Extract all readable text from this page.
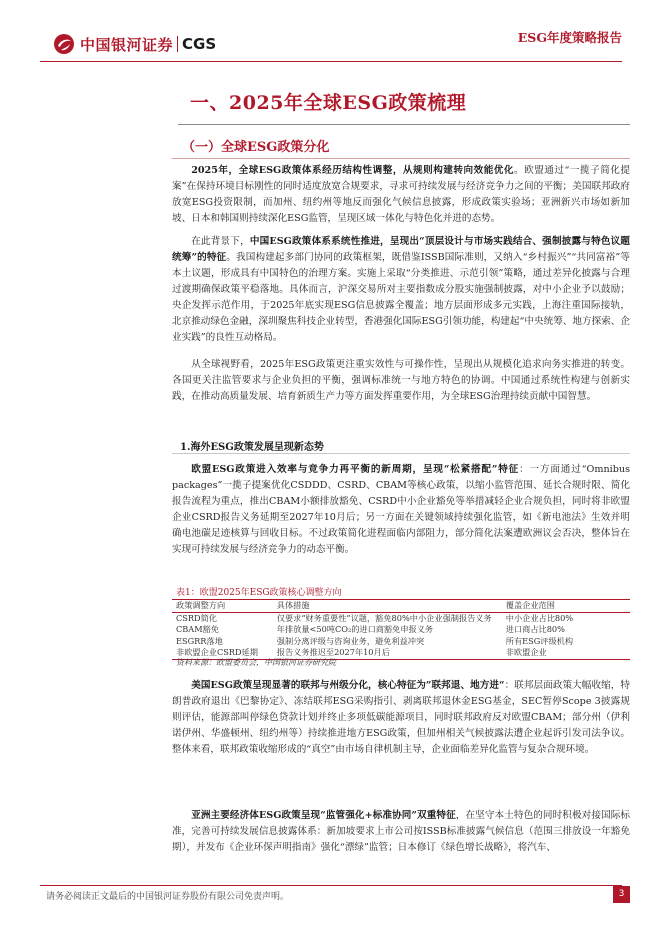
中国银河证券 CGS	ESG年度策略报告
一、2025年全球ESG政策梳理
（一）全球ESG政策分化

2025年，全球ESG政策体系经历结构性调整，从规则构建转向效能优化。欧盟通过“一揽子简化提案”在保持环境目标刚性的同时适度放宽合规要求，寻求可持续发展与经济竞争力之间的平衡；美国联邦政府放宽ESG投资限制，而加州、纽约州等地反而强化气候信息披露，形成政策实验场；亚洲新兴市场如新加坡、日本和韩国则持续深化ESG监管，呈现区域一体化与特色化并进的态势。

在此背景下，中国ESG政策体系系统性推进，呈现出“顶层设计与市场实践结合、强制披露与特色议题统筹”的特征。我国构建起多部门协同的政策框架，既借鉴ISSB国际准则，又纳入“乡村振兴”“共同富裕”等本土议题，形成具有中国特色的治理方案。实施上采取“分类推进、示范引领”策略，通过差异化披露与合理过渡期确保政策平稳落地。具体而言，沪深交易所对主要指数成分股实施强制披露，对中小企业予以鼓励；央企发挥示范作用，于2025年底实现ESG信息披露全覆盖；地方层面形成多元实践，上海注重国际接轨，北京推动绿色金融，深圳聚焦科技企业转型，香港强化国际ESG引领功能，构建起“中央统筹、地方探索、企业实践”的良性互动格局。

从全球视野看，2025年ESG政策更注重实效性与可操作性，呈现出从规模化追求向务实推进的转变。各国更关注监管要求与企业负担的平衡，强调标准统一与地方特色的协调。中国通过系统性构建与创新实践，在推动高质量发展、培育新质生产力等方面发挥重要作用，为全球ESG治理持续贡献中国智慧。

1.海外ESG政策发展呈现新态势

欧盟ESG政策进入效率与竞争力再平衡的新周期，呈现“松紧搭配”特征：一方面通过“Omnibus packages”一揽子提案优化CSDDD、CSRD、CBAM等核心政策，以缩小监管范围、延长合规时限、简化报告流程为重点，推出CBAM小额排放豁免、CSRD中小企业豁免等举措减轻企业合规负担，同时将非欧盟企业CSRD报告义务延期至2027年10月后；另一方面在关键领域持续强化监管，如《新电池法》生效并明确电池碳足迹核算与回收目标。不过政策简化进程面临内部阻力，部分简化法案遭欧洲议会否决，整体旨在实现可持续发展与经济竞争力的动态平衡。

表1：欧盟2025年ESG政策核心调整方向
政策调整方向	具体措施	覆盖企业范围
CSRD简化	仅要求“财务重要性”议题，豁免80%中小企业强制报告义务	中小企业占比80%
CBAM豁免	年排放量<50吨CO₂的进口商豁免申报义务	进口商占比80%
ESGRR落地	强制分离评级与咨询业务，避免利益冲突	所有ESG评级机构
非欧盟企业CSRD延期	报告义务推迟至2027年10月后	非欧盟企业
资料来源：欧盟委员会，中国银河证券研究院

美国ESG政策呈现显著的联邦与州级分化，核心特征为”联邦退、地方进“：联邦层面政策大幅收缩，特朗普政府退出《巴黎协定》、冻结联邦ESG采购指引、剥离联邦退休金ESG基金，SEC暂停Scope 3披露规则评估，能源部叫停绿色贷款计划并终止多项低碳能源项目，同时联邦政府反对欧盟CBAM；部分州（伊利诺伊州、华盛顿州、纽约州等）持续推进地方ESG政策，但加州相关气候披露法遭企业起诉引发司法争议。整体来看，联邦政策收缩形成的“真空”由市场自律机制主导，企业面临差异化监管与复杂合规环境。

亚洲主要经济体ESG政策呈现“监管强化+标准协同”双重特征，在坚守本土特色的同时积极对接国际标准，完善可持续发展信息披露体系：新加坡要求上市公司按ISSB标准披露气候信息（范围三排放设一年豁免期），并发布《企业环保声明指南》强化“漂绿”监管；日本修订《绿色增长战略》，将汽车、

请务必阅读正文最后的中国银河证券股份有限公司免责声明。	3
